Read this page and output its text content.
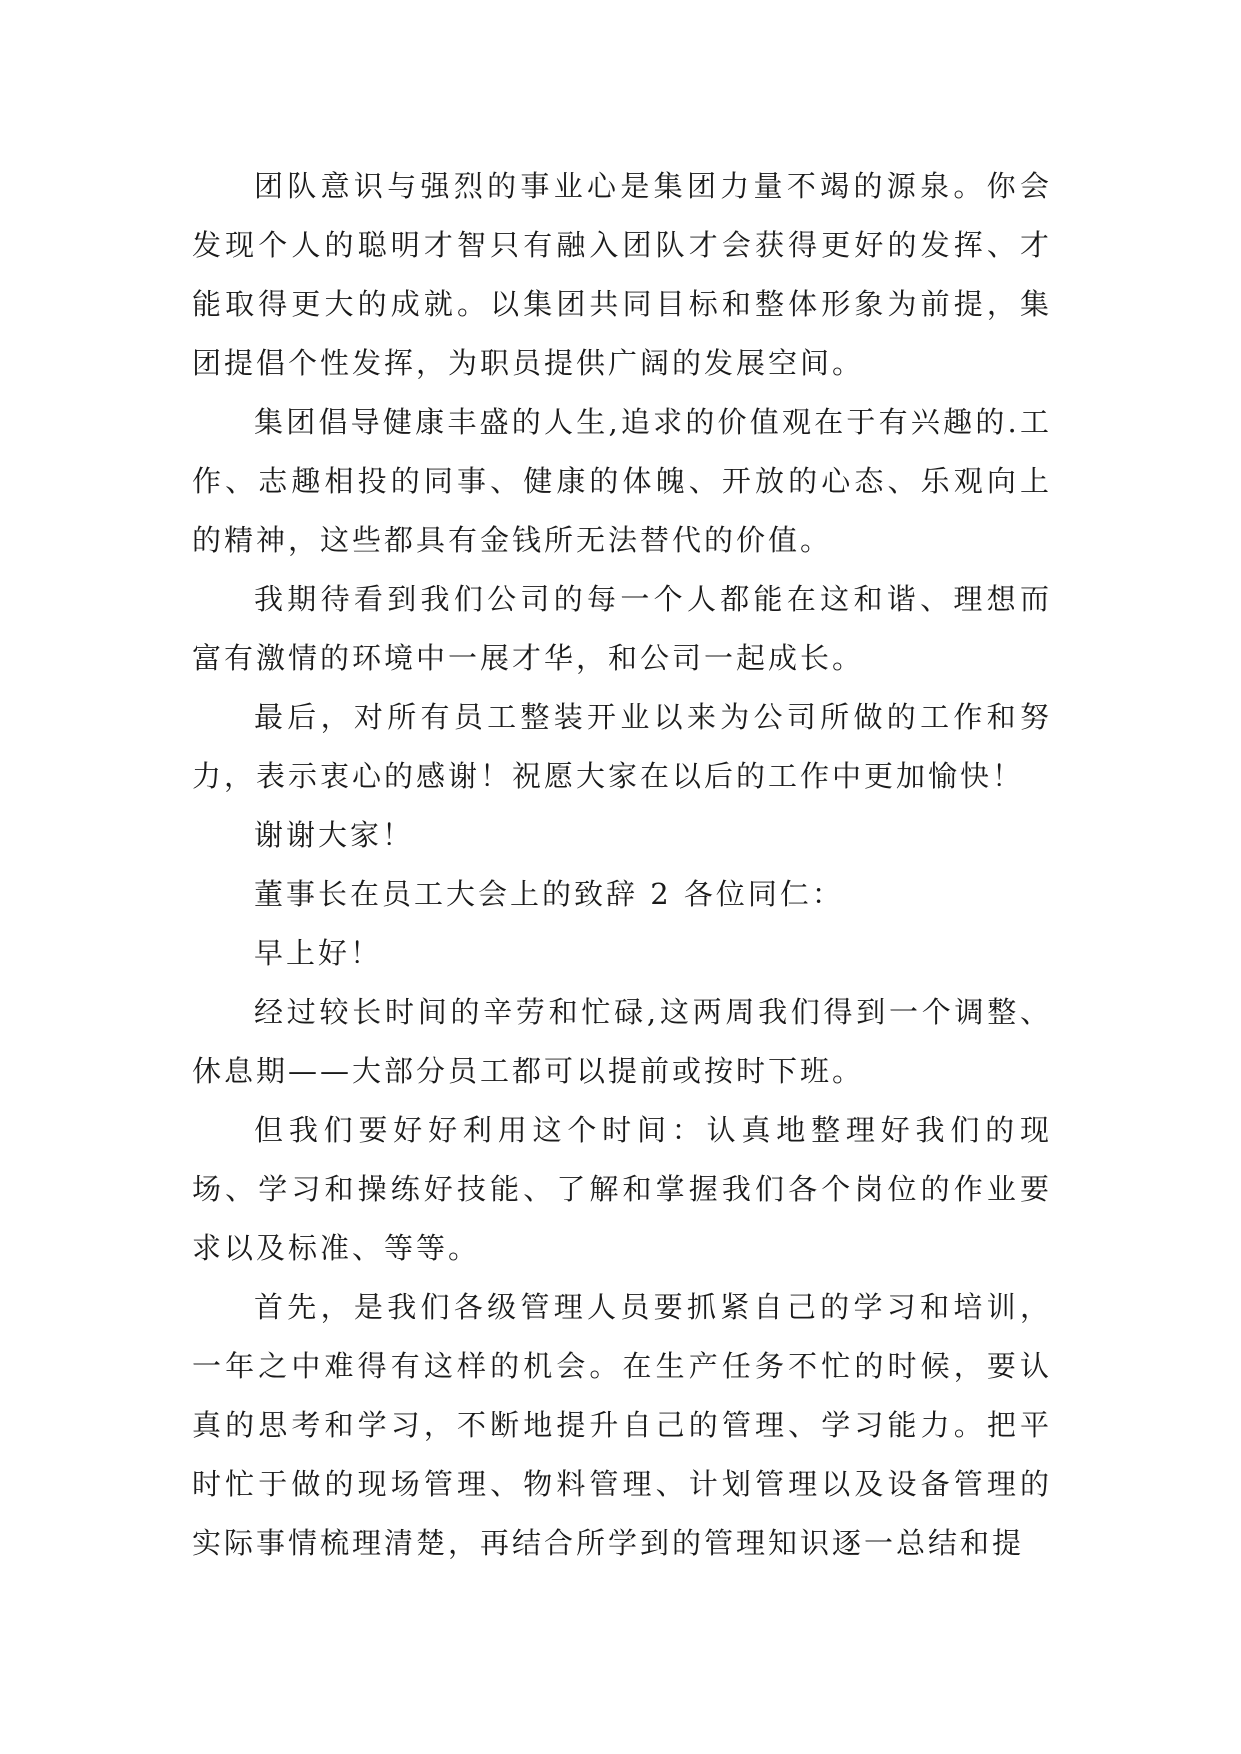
团队意识与强烈的事业心是集团力量不竭的源泉。你会发现个人的聪明才智只有融入团队才会获得更好的发挥、才能取得更大的成就。以集团共同目标和整体形象为前提，集团提倡个性发挥，为职员提供广阔的发展空间。

集团倡导健康丰盛的人生,追求的价值观在于有兴趣的.工作、志趣相投的同事、健康的体魄、开放的心态、乐观向上的精神，这些都具有金钱所无法替代的价值。

我期待看到我们公司的每一个人都能在这和谐、理想而富有激情的环境中一展才华，和公司一起成长。

最后，对所有员工整装开业以来为公司所做的工作和努力，表示衷心的感谢！祝愿大家在以后的工作中更加愉快！

谢谢大家！

董事长在员工大会上的致辞 2 各位同仁：

早上好！

经过较长时间的辛劳和忙碌,这两周我们得到一个调整、休息期——大部分员工都可以提前或按时下班。

但我们要好好利用这个时间：认真地整理好我们的现场、学习和操练好技能、了解和掌握我们各个岗位的作业要求以及标准、等等。

首先，是我们各级管理人员要抓紧自己的学习和培训，一年之中难得有这样的机会。在生产任务不忙的时候，要认真的思考和学习，不断地提升自己的管理、学习能力。把平时忙于做的现场管理、物料管理、计划管理以及设备管理的实际事情梳理清楚，再结合所学到的管理知识逐一总结和提
